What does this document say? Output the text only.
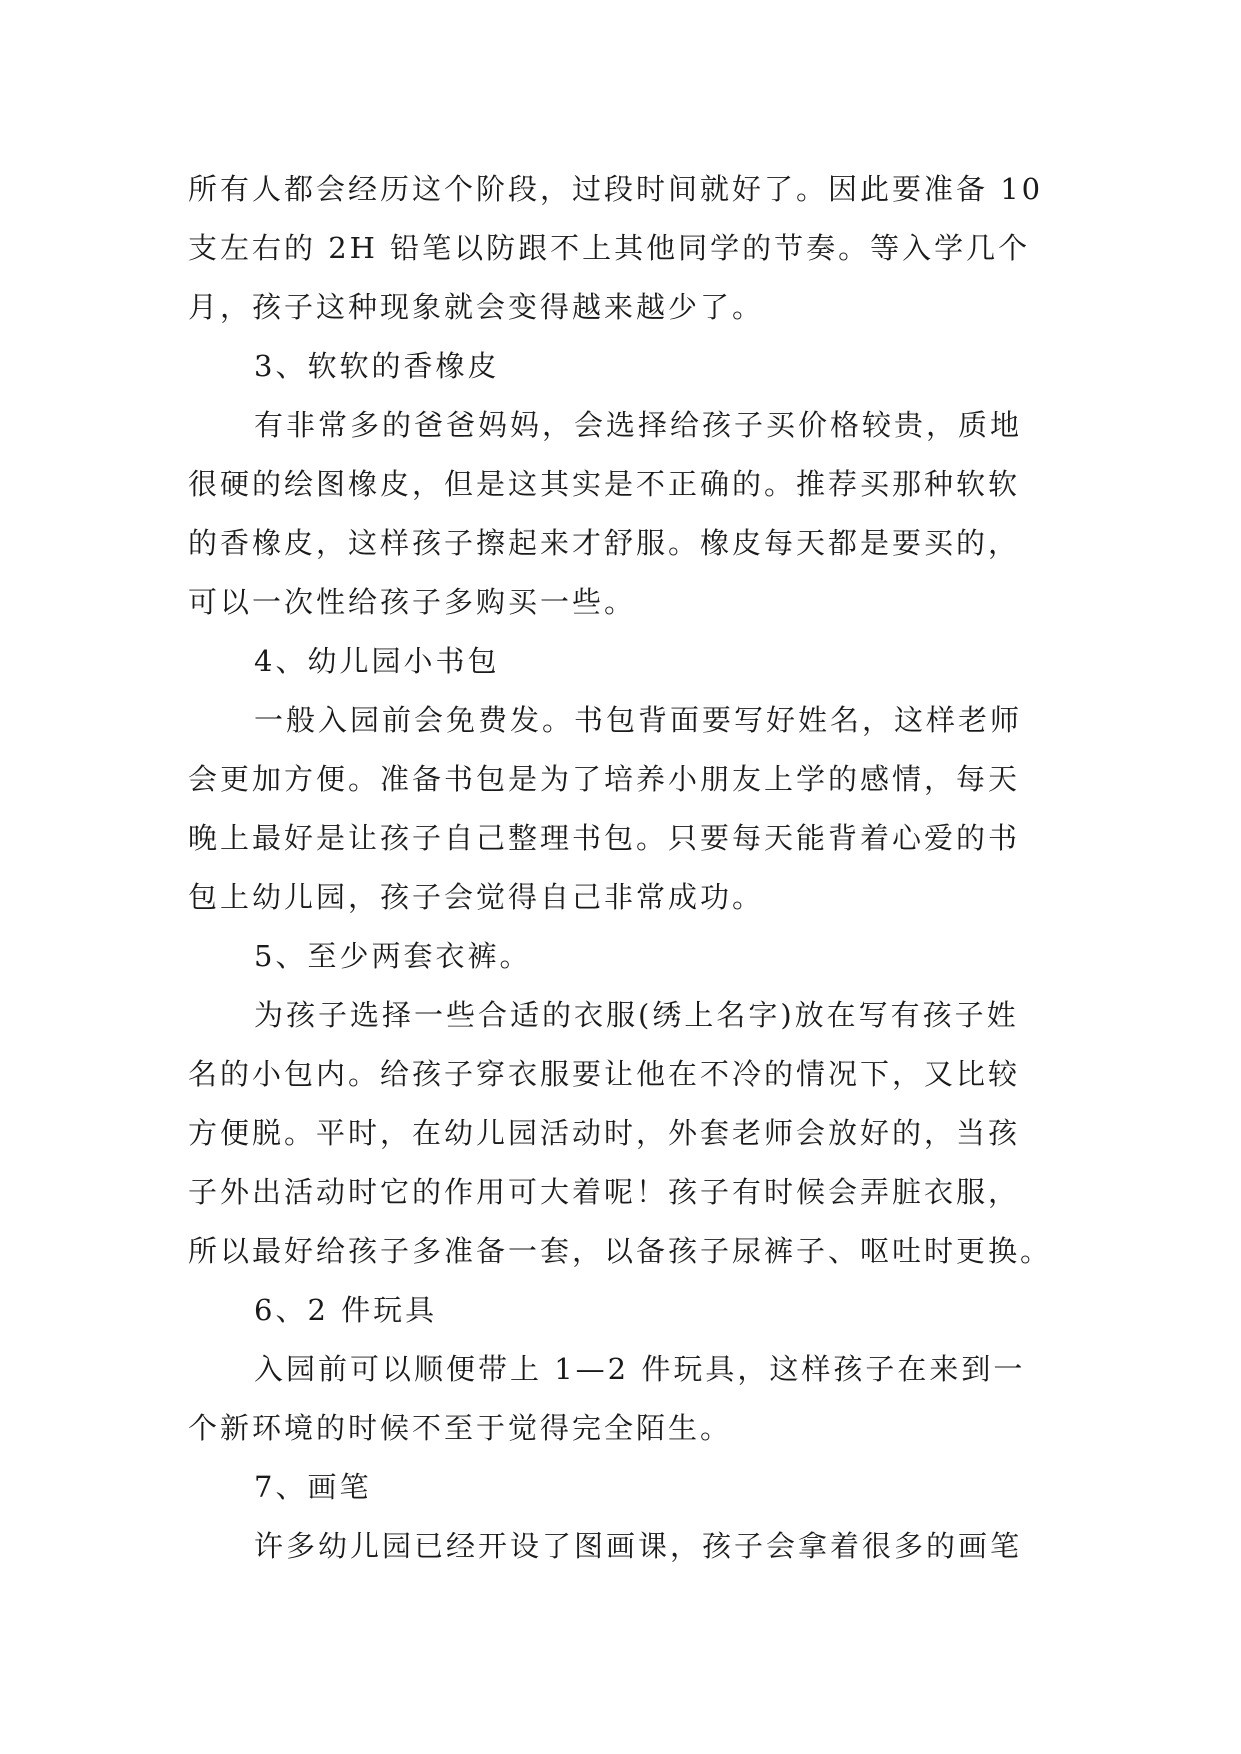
所有人都会经历这个阶段，过段时间就好了。因此要准备 10
支左右的 2H 铅笔以防跟不上其他同学的节奏。等入学几个
月，孩子这种现象就会变得越来越少了。
3、软软的香橡皮
有非常多的爸爸妈妈，会选择给孩子买价格较贵，质地
很硬的绘图橡皮，但是这其实是不正确的。推荐买那种软软
的香橡皮，这样孩子擦起来才舒服。橡皮每天都是要买的，
可以一次性给孩子多购买一些。
4、幼儿园小书包
一般入园前会免费发。书包背面要写好姓名，这样老师
会更加方便。准备书包是为了培养小朋友上学的感情，每天
晚上最好是让孩子自己整理书包。只要每天能背着心爱的书
包上幼儿园，孩子会觉得自己非常成功。
5、至少两套衣裤。
为孩子选择一些合适的衣服(绣上名字)放在写有孩子姓
名的小包内。给孩子穿衣服要让他在不冷的情况下，又比较
方便脱。平时，在幼儿园活动时，外套老师会放好的，当孩
子外出活动时它的作用可大着呢！孩子有时候会弄脏衣服，
所以最好给孩子多准备一套，以备孩子尿裤子、呕吐时更换。
6、2 件玩具
入园前可以顺便带上 1—2 件玩具，这样孩子在来到一
个新环境的时候不至于觉得完全陌生。
7、画笔
许多幼儿园已经开设了图画课，孩子会拿着很多的画笔
